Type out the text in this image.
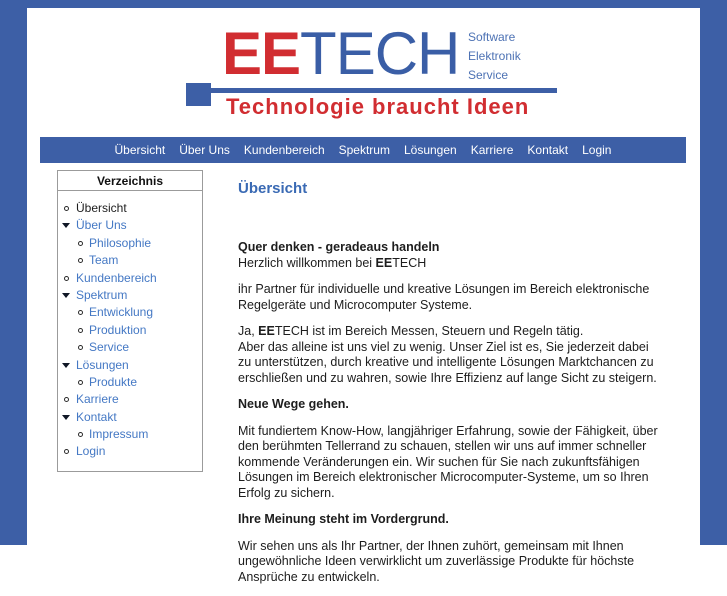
EETECH Software
Elektronik
Service
Technologie braucht Ideen
Übersicht	Über Uns	Kundenbereich	Spektrum	Lösungen	Karriere	Kontakt	Login
Verzeichnis
Übersicht
Über Uns
Philosophie
Team
Kundenbereich
Spektrum
Entwicklung
Produktion
Service
Lösungen
Produkte
Karriere
Kontakt
Impressum
Login
Übersicht

Quer denken - geradeaus handeln
Herzlich willkommen bei EETECH

ihr Partner für individuelle und kreative Lösungen im Bereich elektronische Regelgeräte und Microcomputer Systeme.

Ja, EETECH ist im Bereich Messen, Steuern und Regeln tätig.
Aber das alleine ist uns viel zu wenig. Unser Ziel ist es, Sie jederzeit dabei zu unterstützen, durch kreative und intelligente Lösungen Marktchancen zu erschließen und zu wahren, sowie Ihre Effizienz auf lange Sicht zu steigern.

Neue Wege gehen.

Mit fundiertem Know-How, langjähriger Erfahrung, sowie der Fähigkeit, über den berühmten Tellerrand zu schauen, stellen wir uns auf immer schneller kommende Veränderungen ein. Wir suchen für Sie nach zukunftsfähigen Lösungen im Bereich elektronischer Microcomputer-Systeme, um so Ihren Erfolg zu sichern.

Ihre Meinung steht im Vordergrund.

Wir sehen uns als Ihr Partner, der Ihnen zuhört, gemeinsam mit Ihnen ungewöhnliche Ideen verwirklicht um zuverlässige Produkte für höchste Ansprüche zu entwickeln.
